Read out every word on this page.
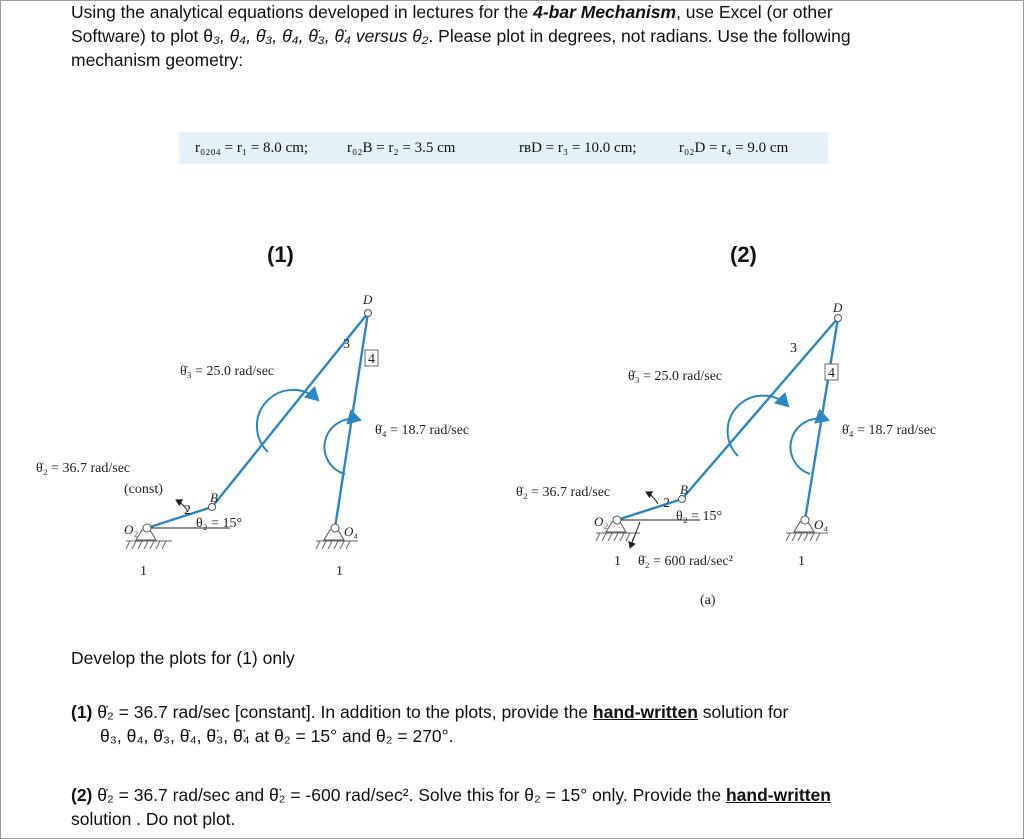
Using the analytical equations developed in lectures for the 4-bar Mechanism, use Excel (or other
Software) to plot θ₃, θ₄, θ̇₃, θ̇₄, θ̈₃, θ̈₄ versus θ₂. Please plot in degrees, not radians. Use the following
mechanism geometry:
r₀₂₀₄ = r₁ = 8.0 cm;	r₀₂B = r₂ = 3.5 cm	rʙD = r₃ = 10.0 cm;	r₀₂D = r₄ = 9.0 cm
(1)	(2)
D
3
4
θ̇₃ = 25.0 rad/sec
θ̇₄ = 18.7 rad/sec
θ̇₂ = 36.7 rad/sec
(const)
B
2
θ₂ = 15°
O₂	O₄
1	1
D
3
4
θ̇₃ = 25.0 rad/sec
θ̇₄ = 18.7 rad/sec
θ̇₂ = 36.7 rad/sec	B
2
θ₂ = 15°
O₂	O₄
1 θ̈₂ = 600 rad/sec²	1
(a)
Develop the plots for (1) only
(1) θ̇₂ = 36.7 rad/sec [constant]. In addition to the plots, provide the hand-written solution for
θ₃, θ₄, θ̇₃, θ̇₄, θ̈₃, θ̈₄ at θ₂ = 15° and θ₂ = 270°.
(2) θ̇₂ = 36.7 rad/sec and θ̈₂ = -600 rad/sec². Solve this for θ₂ = 15° only. Provide the hand-written
solution . Do not plot.
